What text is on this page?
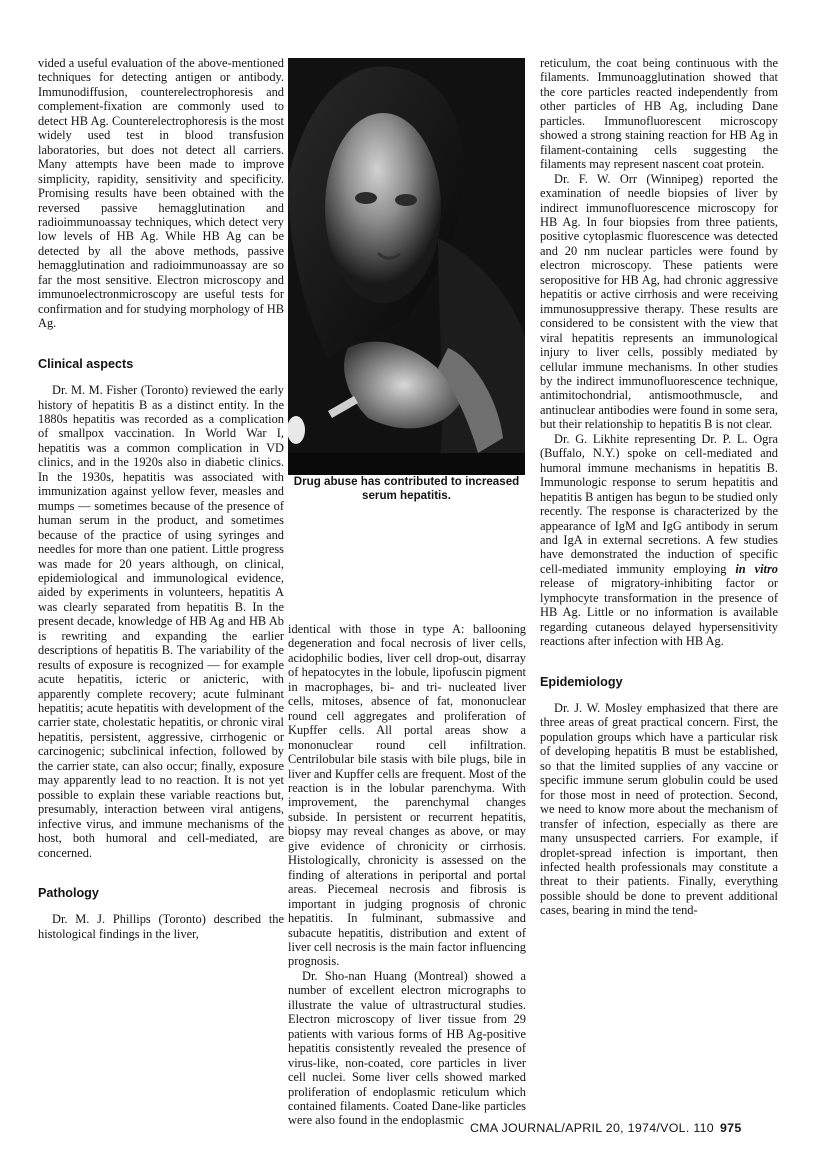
vided a useful evaluation of the above-mentioned techniques for detecting antigen or antibody. Immunodiffusion, counterelectrophoresis and complement-fixation are commonly used to detect HB Ag. Counterelectrophoresis is the most widely used test in blood transfusion laboratories, but does not detect all carriers. Many attempts have been made to improve simplicity, rapidity, sensitivity and specificity. Promising results have been obtained with the reversed passive hemagglutination and radioimmunoassay techniques, which detect very low levels of HB Ag. While HB Ag can be detected by all the above methods, passive hemagglutination and radioimmunoassay are so far the most sensitive. Electron microscopy and immunoelectronmicroscopy are useful tests for confirmation and for studying morphology of HB Ag.

Clinical aspects

Dr. M. M. Fisher (Toronto) reviewed the early history of hepatitis B as a distinct entity. In the 1880s hepatitis was recorded as a complication of smallpox vaccination. In World War I, hepatitis was a common complication in VD clinics, and in the 1920s also in diabetic clinics. In the 1930s, hepatitis was associated with immunization against yellow fever, measles and mumps — sometimes because of the presence of human serum in the product, and sometimes because of the practice of using syringes and needles for more than one patient. Little progress was made for 20 years although, on clinical, epidemiological and immunological evidence, aided by experiments in volunteers, hepatitis A was clearly separated from hepatitis B. In the present decade, knowledge of HB Ag and HB Ab is rewriting and expanding the earlier descriptions of hepatitis B. The variability of the results of exposure is recognized — for example acute hepatitis, icteric or anicteric, with apparently complete recovery; acute fulminant hepatitis; acute hepatitis with development of the carrier state, cholestatic hepatitis, or chronic viral hepatitis, persistent, aggressive, cirrhogenic or carcinogenic; subclinical infection, followed by the carrier state, can also occur; finally, exposure may apparently lead to no reaction. It is not yet possible to explain these variable reactions but, presumably, interaction between viral antigens, infective virus, and immune mechanisms of the host, both humoral and cell-mediated, are concerned.

Pathology

Dr. M. J. Phillips (Toronto) described the histological findings in the liver,

Drug abuse has contributed to increased serum hepatitis.

identical with those in type A: ballooning degeneration and focal necrosis of liver cells, acidophilic bodies, liver cell drop-out, disarray of hepatocytes in the lobule, lipofuscin pigment in macrophages, bi- and tri- nucleated liver cells, mitoses, absence of fat, mononuclear round cell aggregates and proliferation of Kupffer cells. All portal areas show a mononuclear round cell infiltration. Centrilobular bile stasis with bile plugs, bile in liver and Kupffer cells are frequent. Most of the reaction is in the lobular parenchyma. With improvement, the parenchymal changes subside. In persistent or recurrent hepatitis, biopsy may reveal changes as above, or may give evidence of chronicity or cirrhosis. Histologically, chronicity is assessed on the finding of alterations in periportal and portal areas. Piecemeal necrosis and fibrosis is important in judging prognosis of chronic hepatitis. In fulminant, submassive and subacute hepatitis, distribution and extent of liver cell necrosis is the main factor influencing prognosis.

Dr. Sho-nan Huang (Montreal) showed a number of excellent electron micrographs to illustrate the value of ultrastructural studies. Electron microscopy of liver tissue from 29 patients with various forms of HB Ag-positive hepatitis consistently revealed the presence of virus-like, non-coated, core particles in liver cell nuclei. Some liver cells showed marked proliferation of endoplasmic reticulum which contained filaments. Coated Dane-like particles were also found in the endoplasmic

reticulum, the coat being continuous with the filaments. Immunoagglutination showed that the core particles reacted independently from other particles of HB Ag, including Dane particles. Immunofluorescent microscopy showed a strong staining reaction for HB Ag in filament-containing cells suggesting the filaments may represent nascent coat protein.

Dr. F. W. Orr (Winnipeg) reported the examination of needle biopsies of liver by indirect immunofluorescence microscopy for HB Ag. In four biopsies from three patients, positive cytoplasmic fluorescence was detected and 20 nm nuclear particles were found by electron microscopy. These patients were seropositive for HB Ag, had chronic aggressive hepatitis or active cirrhosis and were receiving immunosuppressive therapy. These results are considered to be consistent with the view that viral hepatitis represents an immunological injury to liver cells, possibly mediated by cellular immune mechanisms. In other studies by the indirect immunofluorescence technique, antimitochondrial, antismoothmuscle, and antinuclear antibodies were found in some sera, but their relationship to hepatitis B is not clear.

Dr. G. Likhite representing Dr. P. L. Ogra (Buffalo, N.Y.) spoke on cell-mediated and humoral immune mechanisms in hepatitis B. Immunologic response to serum hepatitis and hepatitis B antigen has begun to be studied only recently. The response is characterized by the appearance of IgM and IgG antibody in serum and IgA in external secretions. A few studies have demonstrated the induction of specific cell-mediated immunity employing in vitro release of migratory-inhibiting factor or lymphocyte transformation in the presence of HB Ag. Little or no information is available regarding cutaneous delayed hypersensitivity reactions after infection with HB Ag.

Epidemiology

Dr. J. W. Mosley emphasized that there are three areas of great practical concern. First, the population groups which have a particular risk of developing hepatitis B must be established, so that the limited supplies of any vaccine or specific immune serum globulin could be used for those most in need of protection. Second, we need to know more about the mechanism of transfer of infection, especially as there are many unsuspected carriers. For example, if droplet-spread infection is important, then infected health professionals may constitute a threat to their patients. Finally, everything possible should be done to prevent additional cases, bearing in mind the tend-

CMA JOURNAL/APRIL 20, 1974/VOL. 110 975
